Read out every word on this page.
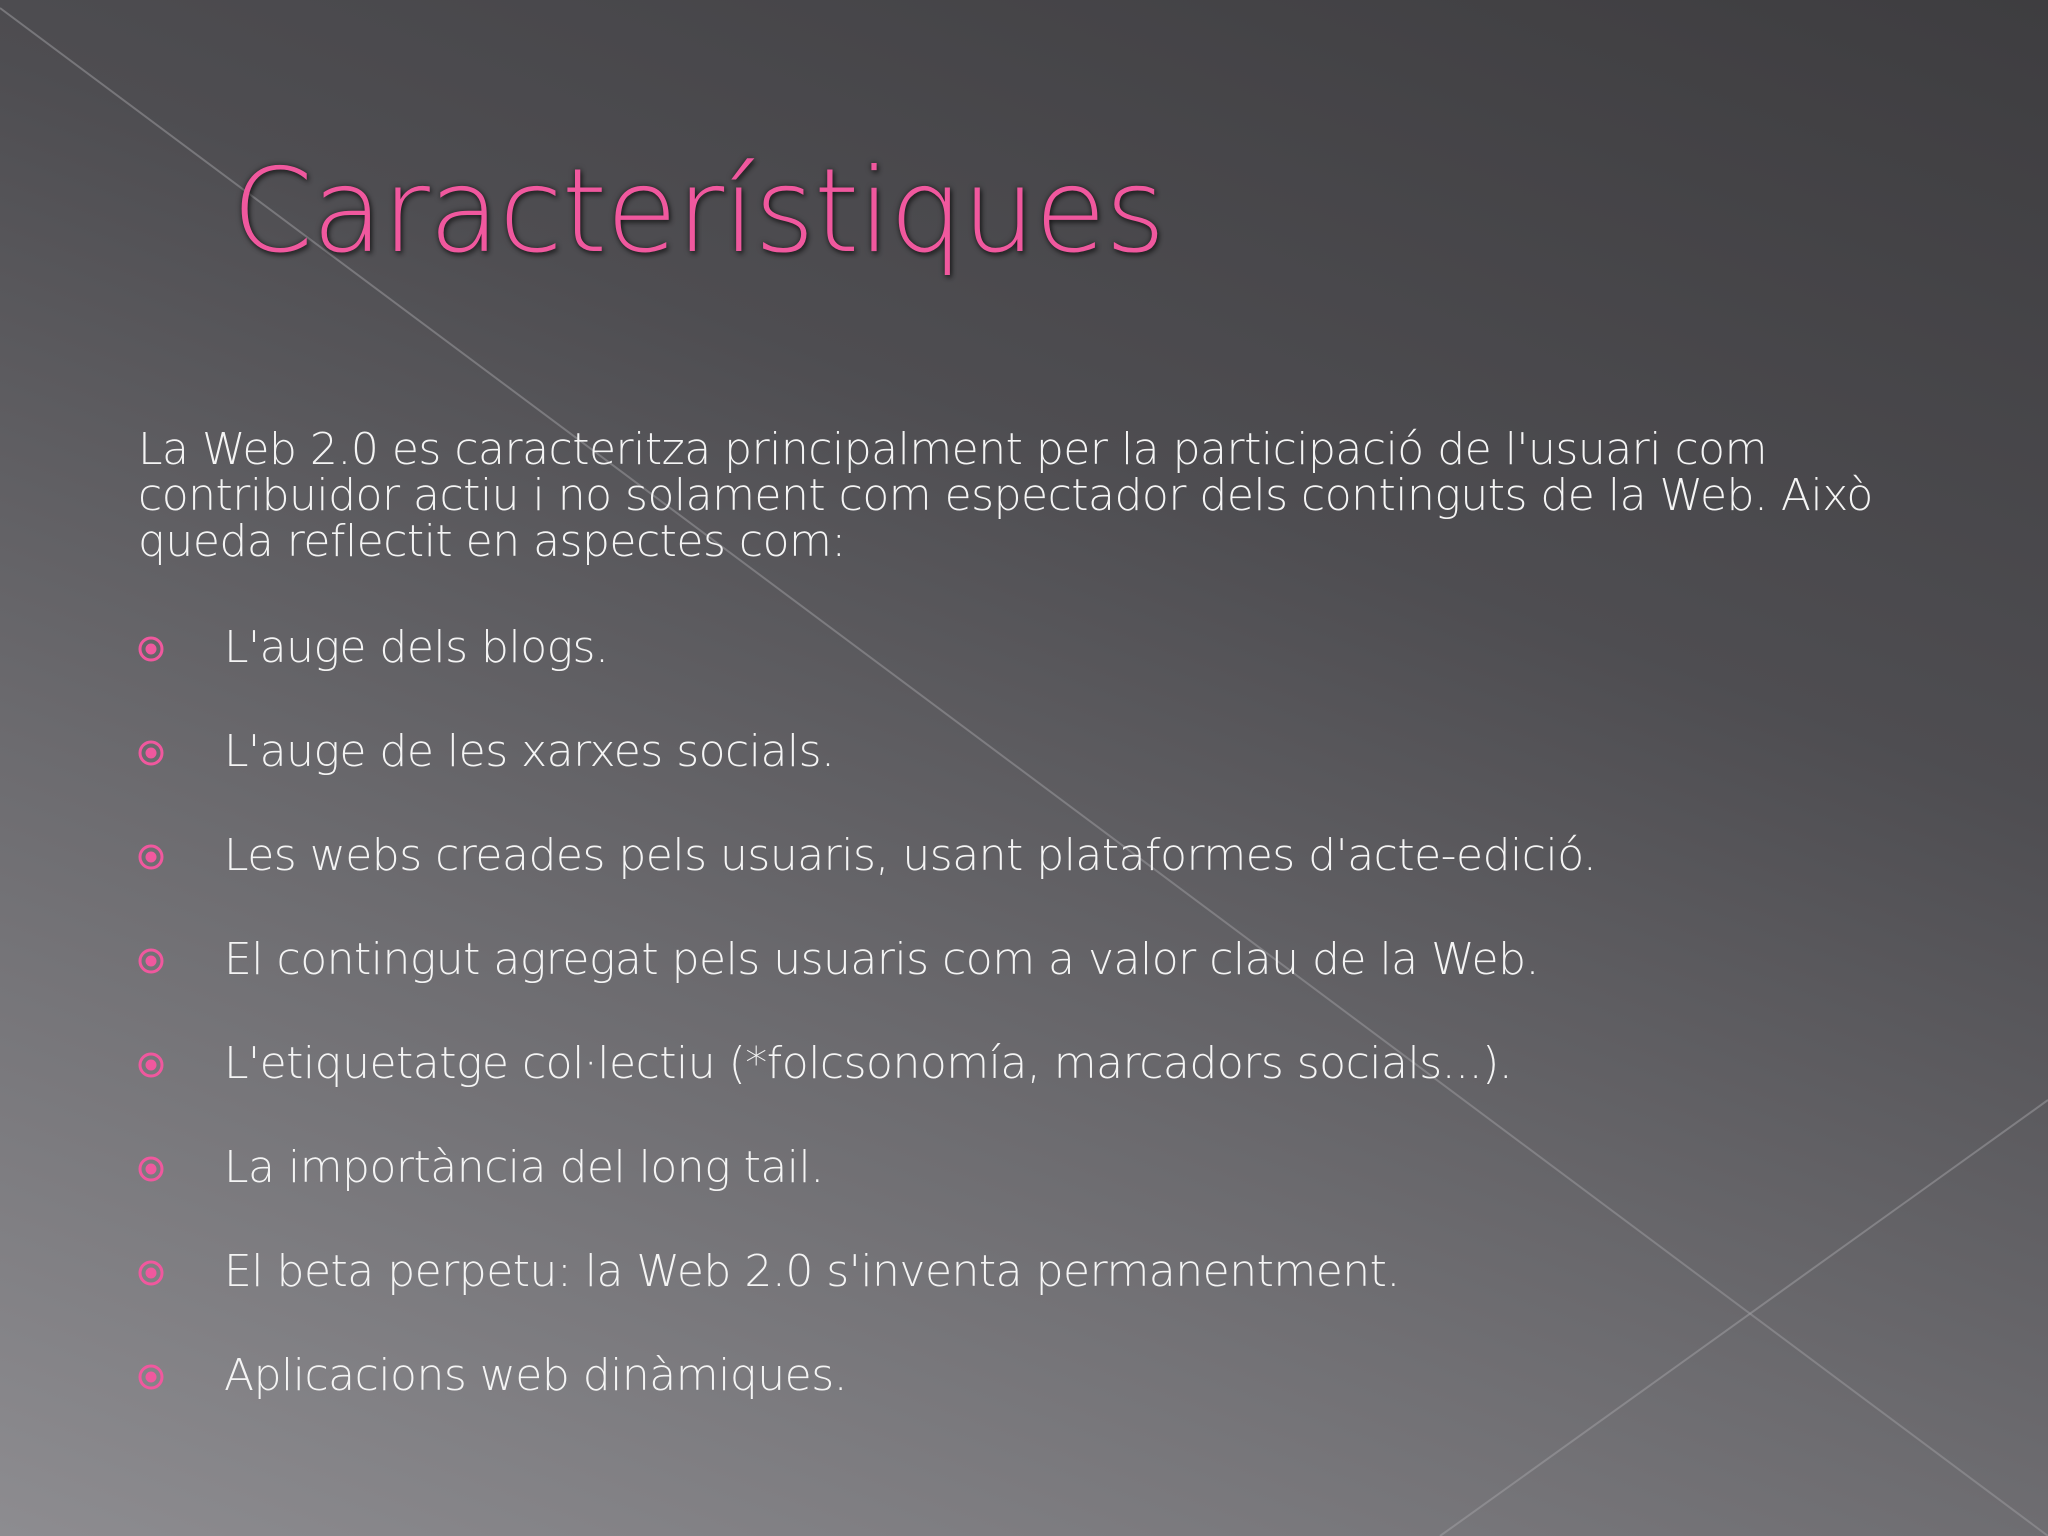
Característiques

La Web 2.0 es caracteritza principalment per la participació de l'usuari com contribuidor actiu i no solament com espectador dels continguts de la Web. Això queda reflectit en aspectes com:

L'auge dels blogs.
L'auge de les xarxes socials.
Les webs creades pels usuaris, usant plataformes d'acte-edició.
El contingut agregat pels usuaris com a valor clau de la Web.
L'etiquetatge col·lectiu (*folcsonomía, marcadors socials...).
La importància del long tail.
El beta perpetu: la Web 2.0 s'inventa permanentment.
Aplicacions web dinàmiques.
